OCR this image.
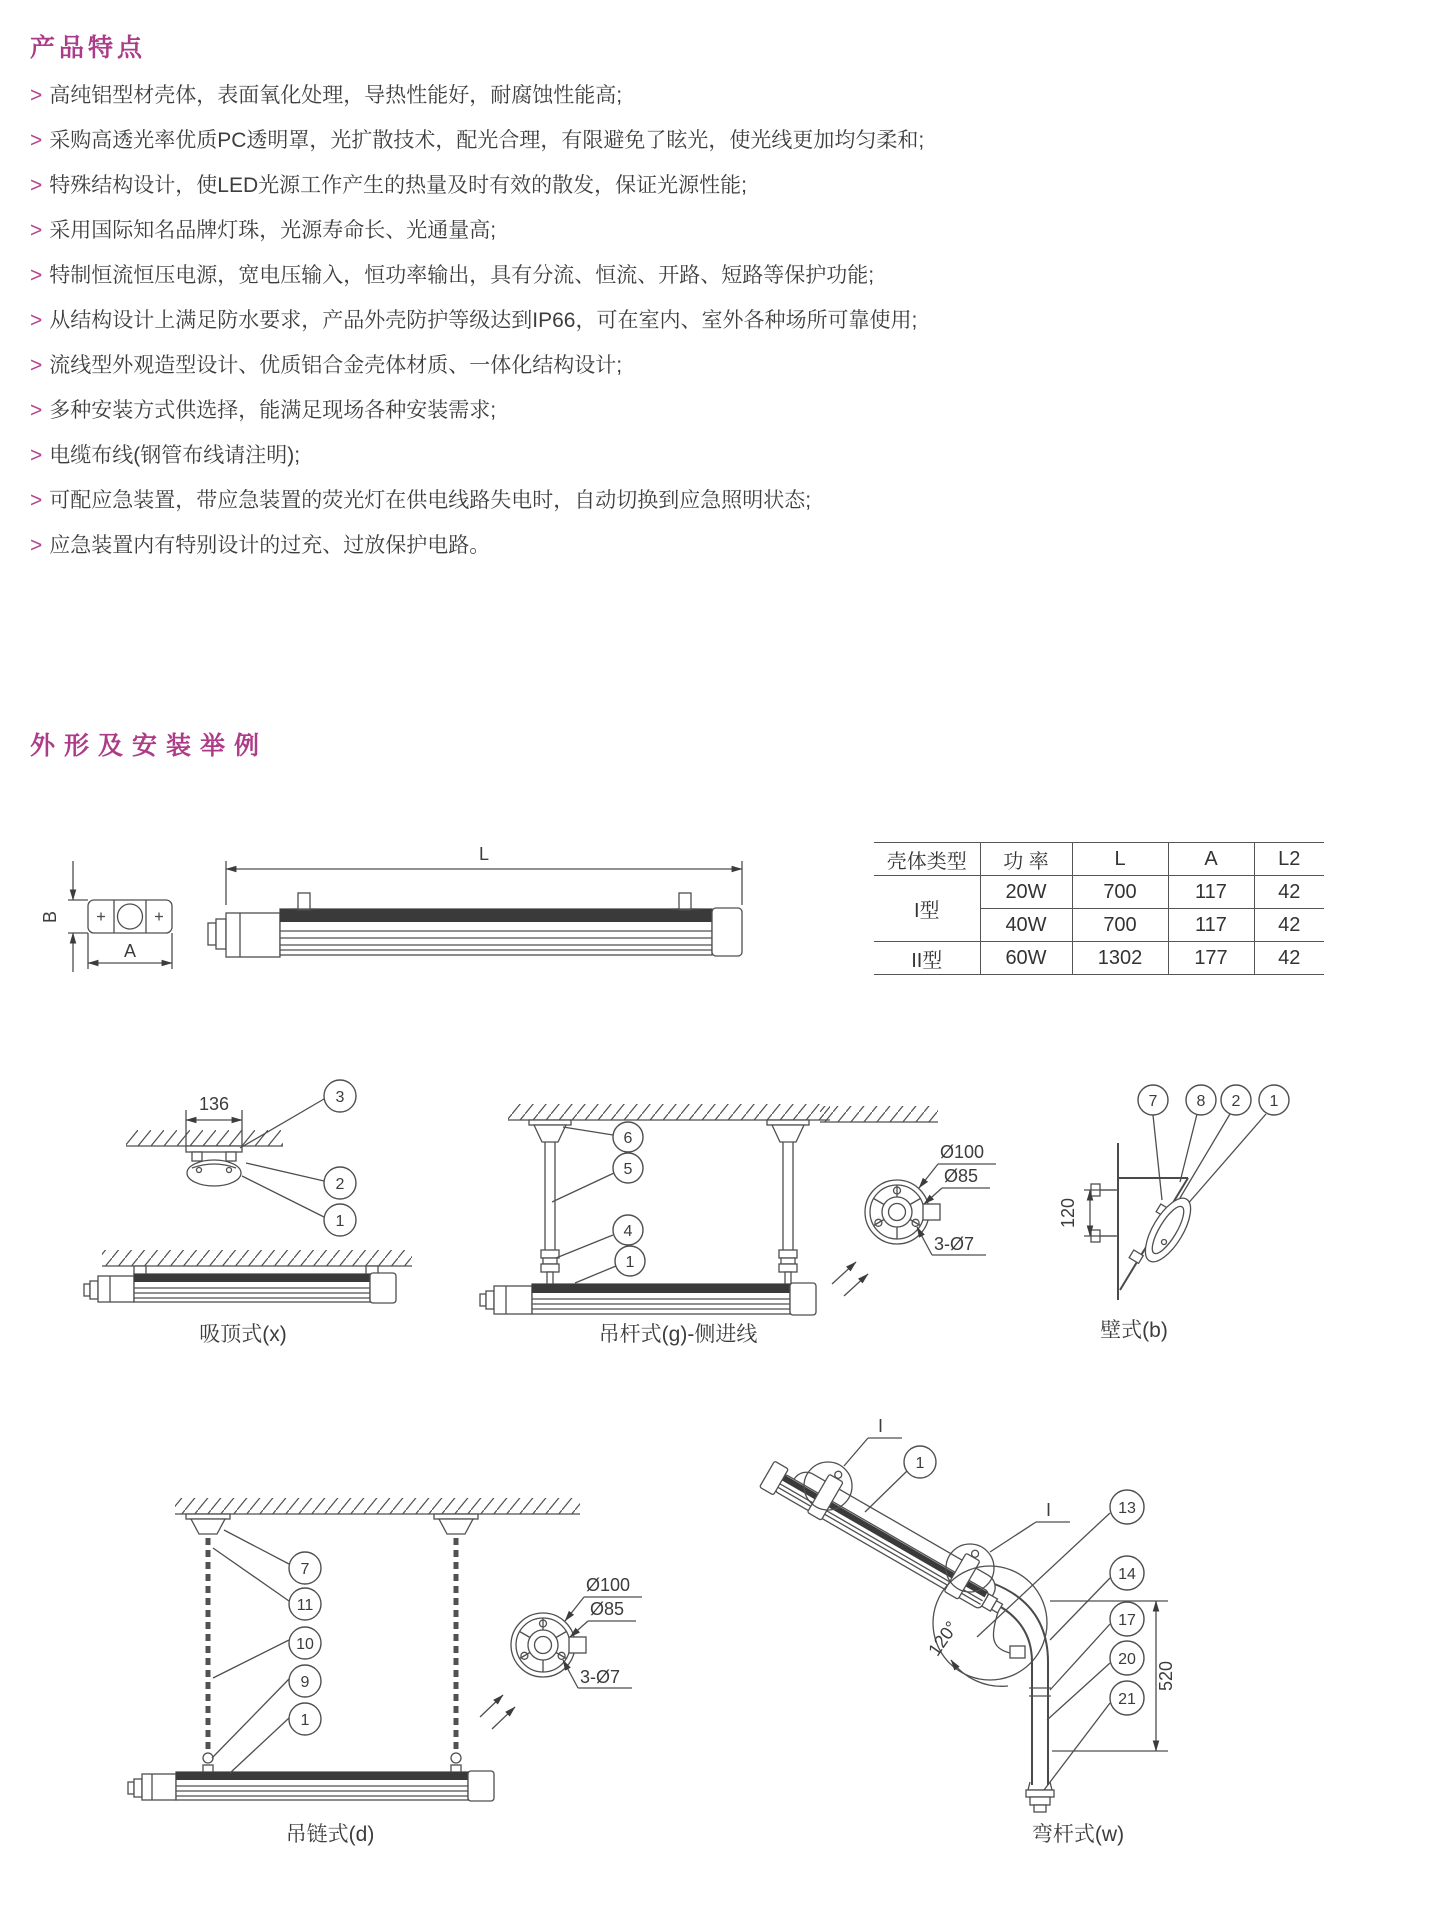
产品特点
> 高纯铝型材壳体，表面氧化处理，导热性能好，耐腐蚀性能高;
> 采购高透光率优质PC透明罩，光扩散技术，配光合理，有限避免了眩光，使光线更加均匀柔和;
> 特殊结构设计，使LED光源工作产生的热量及时有效的散发，保证光源性能;
> 采用国际知名品牌灯珠，光源寿命长、光通量高;
> 特制恒流恒压电源，宽电压输入，恒功率输出，具有分流、恒流、开路、短路等保护功能;
> 从结构设计上满足防水要求，产品外壳防护等级达到IP66，可在室内、室外各种场所可靠使用;
> 流线型外观造型设计、优质铝合金壳体材质、一体化结构设计;
> 多种安装方式供选择，能满足现场各种安装需求;
> 电缆布线(钢管布线请注明);
> 可配应急装置，带应急装置的荧光灯在供电线路失电时，自动切换到应急照明状态;
> 应急装置内有特别设计的过充、过放保护电路。
外形及安装举例
B
A
L	壳体类型	功 率	L	A	L2
I型	20W	700	117	42
	40W	700	117	42
II型	60W	1302	177	42
136	3
2
1
吸顶式(x)
6
5
4
1
吊杆式(g)-侧进线
Ø100
Ø85
3-Ø7
7 8 2 1
120
壁式(b)
7
11
10
9
1
吊链式(d)
Ø100
Ø85
3-Ø7
I
I
120°
520
1
13
14
17
20
21
弯杆式(w)
